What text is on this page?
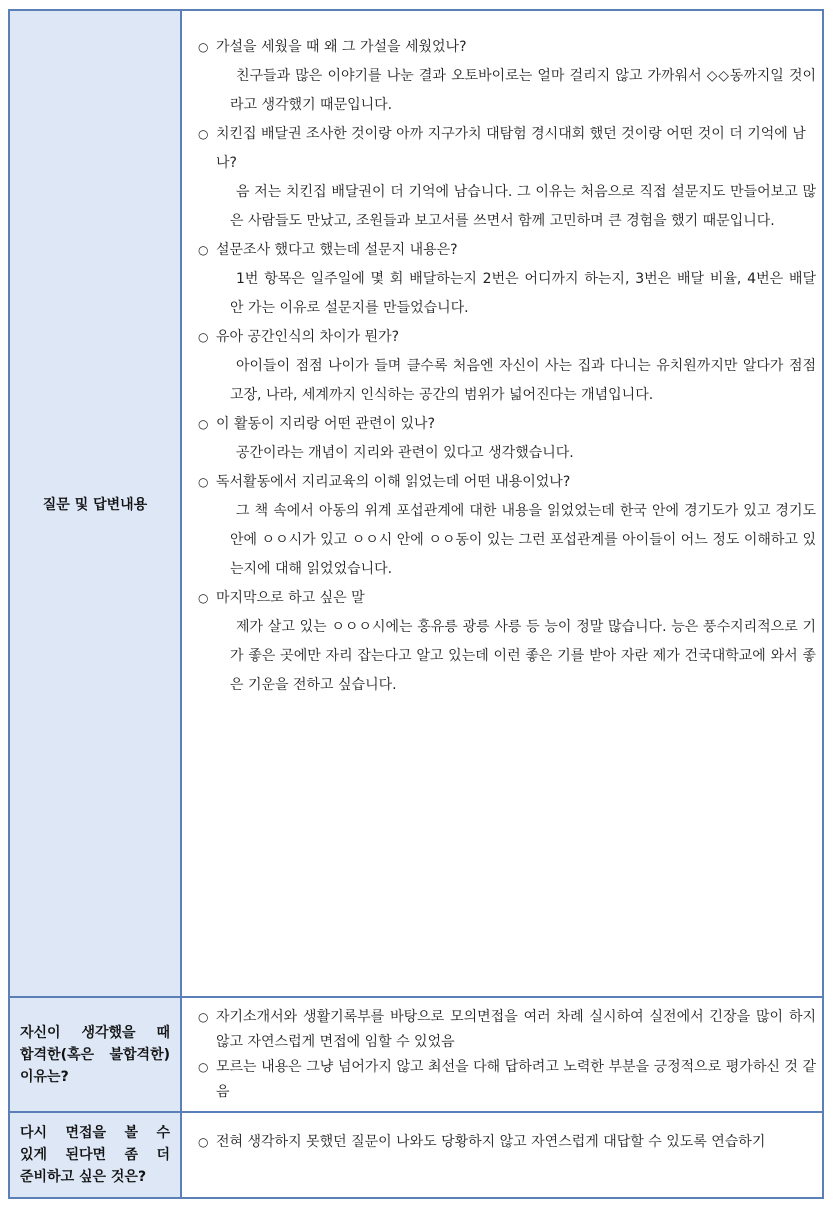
질문 및 답변내용
○ 가설을 세웠을 때 왜 그 가설을 세웠었나?
친구들과 많은 이야기를 나눈 결과 오토바이로는 얼마 걸리지 않고 가까워서 ◇◇동까지일 것이라고 생각했기 때문입니다.
○ 치킨집 배달권 조사한 것이랑 아까 지구가치 대탐험 경시대회 했던 것이랑 어떤 것이 더 기억에 남나?
음 저는 치킨집 배달권이 더 기억에 남습니다. 그 이유는 처음으로 직접 설문지도 만들어보고 많은 사람들도 만났고, 조원들과 보고서를 쓰면서 함께 고민하며 큰 경험을 했기 때문입니다.
○ 설문조사 했다고 했는데 설문지 내용은?
1번 항목은 일주일에 몇 회 배달하는지 2번은 어디까지 하는지, 3번은 배달 비율, 4번은 배달 안 가는 이유로 설문지를 만들었습니다.
○ 유아 공간인식의 차이가 뭔가?
아이들이 점점 나이가 들며 클수록 처음엔 자신이 사는 집과 다니는 유치원까지만 알다가 점점 고장, 나라, 세계까지 인식하는 공간의 범위가 넓어진다는 개념입니다.
○ 이 활동이 지리랑 어떤 관련이 있나?
공간이라는 개념이 지리와 관련이 있다고 생각했습니다.
○ 독서활동에서 지리교육의 이해 읽었는데 어떤 내용이었나?
그 책 속에서 아동의 위계 포섭관계에 대한 내용을 읽었었는데 한국 안에 경기도가 있고 경기도 안에 ㅇㅇ시가 있고 ㅇㅇ시 안에 ㅇㅇ동이 있는 그런 포섭관계를 아이들이 어느 정도 이해하고 있는지에 대해 읽었었습니다.
○ 마지막으로 하고 싶은 말
제가 살고 있는 ㅇㅇㅇ시에는 홍유릉 광릉 사릉 등 능이 정말 많습니다. 능은 풍수지리적으로 기가 좋은 곳에만 자리 잡는다고 알고 있는데 이런 좋은 기를 받아 자란 제가 건국대학교에 와서 좋은 기운을 전하고 싶습니다.
자신이 생각했을 때
합격한(혹은 불합격한)
이유는?
○ 자기소개서와 생활기록부를 바탕으로 모의면접을 여러 차례 실시하여 실전에서 긴장을 많이 하지 않고 자연스럽게 면접에 임할 수 있었음
○ 모르는 내용은 그냥 넘어가지 않고 최선을 다해 답하려고 노력한 부분을 긍정적으로 평가하신 것 같음
다시 면접을 볼 수
있게 된다면 좀 더
준비하고 싶은 것은?
○ 전혀 생각하지 못했던 질문이 나와도 당황하지 않고 자연스럽게 대답할 수 있도록 연습하기
